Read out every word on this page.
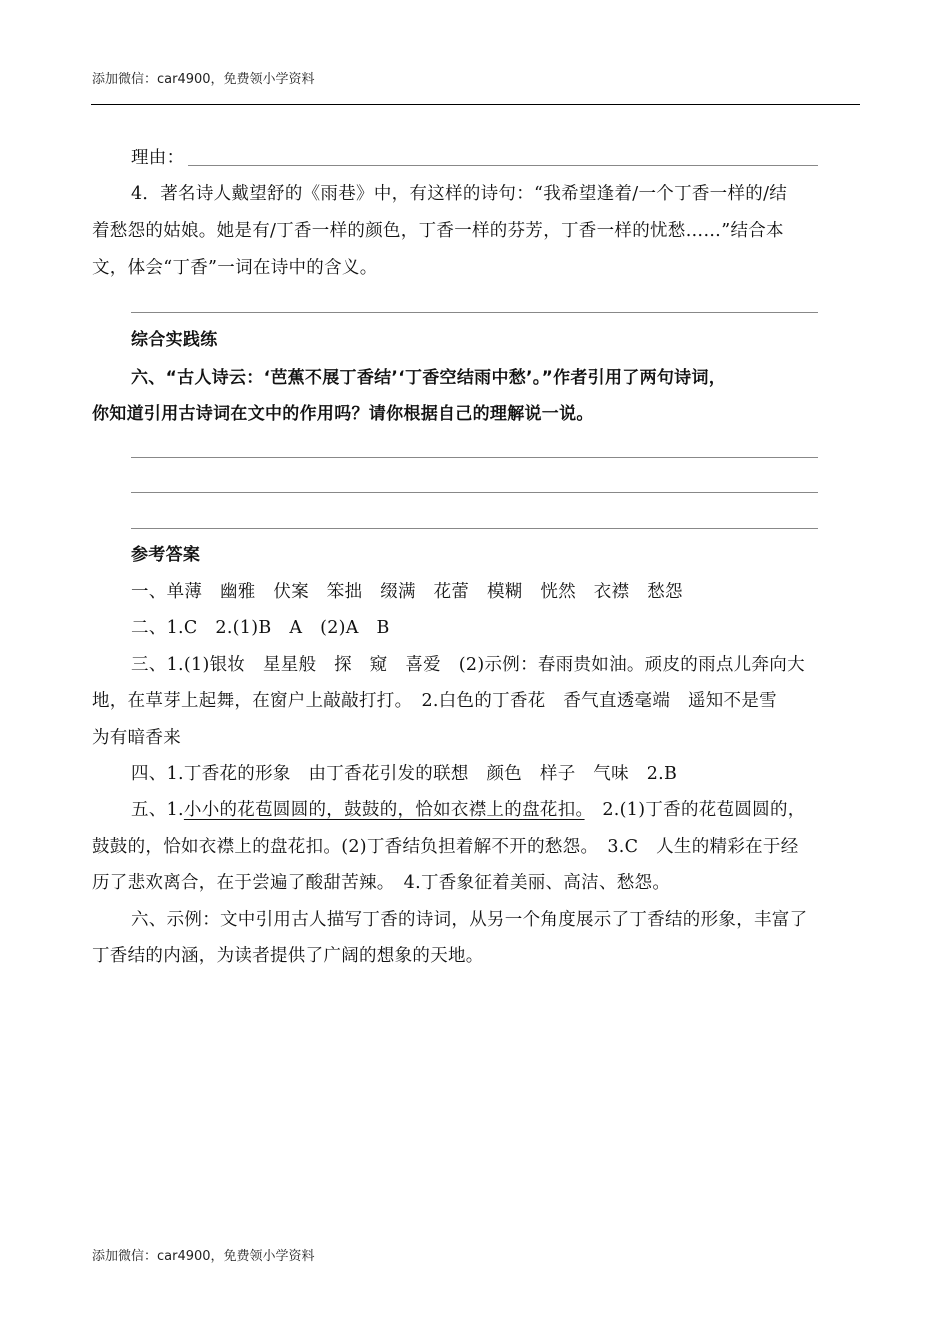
添加微信：car4900，免费领小学资料
理由：
4．著名诗人戴望舒的《雨巷》中，有这样的诗句：“我希望逢着/一个丁香一样的/结
着愁怨的姑娘。她是有/丁香一样的颜色，丁香一样的芬芳，丁香一样的忧愁……”结合本
文，体会“丁香”一词在诗中的含义。
综合实践练
六、“古人诗云：‘芭蕉不展丁香结’‘丁香空结雨中愁’。”作者引用了两句诗词，
你知道引用古诗词在文中的作用吗？请你根据自己的理解说一说。
参考答案
一、单薄　幽雅　伏案　笨拙　缀满　花蕾　模糊　恍然　衣襟　愁怨
二、1.C　2.(1)B　A　(2)A　B
三、1.(1)银妆　星星般　探　窥　喜爱　(2)示例：春雨贵如油。顽皮的雨点儿奔向大
地，在草芽上起舞，在窗户上敲敲打打。　2.白色的丁香花　香气直透毫端　遥知不是雪
为有暗香来
四、1.丁香花的形象　由丁香花引发的联想　颜色　样子　气味　2.B
五、1.小小的花苞圆圆的，鼓鼓的，恰如衣襟上的盘花扣。　2.(1)丁香的花苞圆圆的，
鼓鼓的，恰如衣襟上的盘花扣。(2)丁香结负担着解不开的愁怨。　3.C　人生的精彩在于经
历了悲欢离合，在于尝遍了酸甜苦辣。　4.丁香象征着美丽、高洁、愁怨。
六、示例：文中引用古人描写丁香的诗词，从另一个角度展示了丁香结的形象，丰富了
丁香结的内涵，为读者提供了广阔的想象的天地。
添加微信：car4900，免费领小学资料
